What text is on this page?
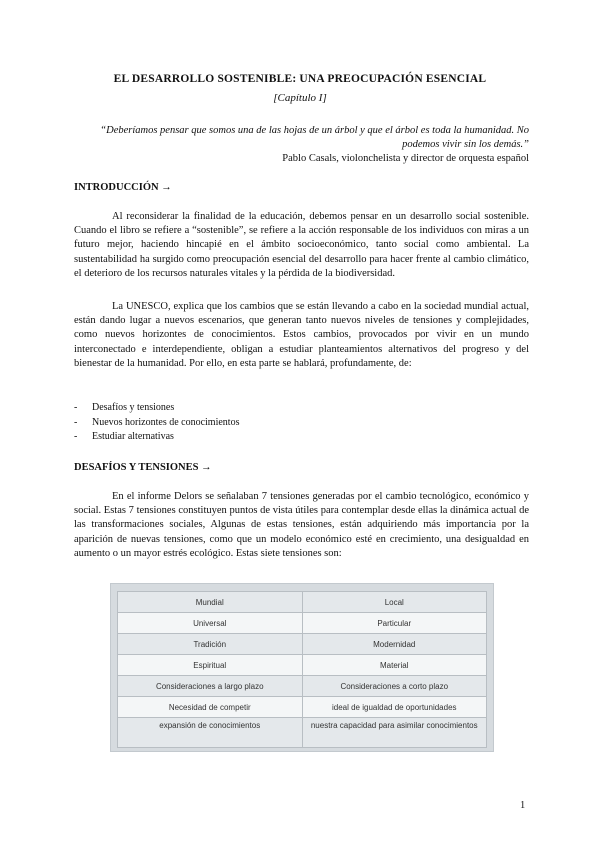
EL DESARROLLO SOSTENIBLE: UNA PREOCUPACIÓN ESENCIAL
[Capítulo I]
“Deberíamos pensar que somos una de las hojas de un árbol y que el árbol es toda la humanidad. No podemos vivir sin los demás.”
Pablo Casals, violonchelista y director de orquesta español
INTRODUCCIÓN →

Al reconsiderar la finalidad de la educación, debemos pensar en un desarrollo social sostenible. Cuando el libro se refiere a “sostenible”, se refiere a la acción responsable de los individuos con miras a un futuro mejor, haciendo hincapié en el ámbito socioeconómico, tanto social como ambiental. La sustentabilidad ha surgido como preocupación esencial del desarrollo para hacer frente al cambio climático, el deterioro de los recursos naturales vitales y la pérdida de la biodiversidad.

La UNESCO, explica que los cambios que se están llevando a cabo en la sociedad mundial actual, están dando lugar a nuevos escenarios, que generan tanto nuevos niveles de tensiones y complejidades, como nuevos horizontes de conocimientos. Estos cambios, provocados por vivir en un mundo interconectado e interdependiente, obligan a estudiar planteamientos alternativos del progreso y del bienestar de la humanidad. Por ello, en esta parte se hablará, profundamente, de:

- Desafíos y tensiones
- Nuevos horizontes de conocimientos
- Estudiar alternativas
DESAFÍOS Y TENSIONES →

En el informe Delors se señalaban 7 tensiones generadas por el cambio tecnológico, económico y social. Estas 7 tensiones constituyen puntos de vista útiles para contemplar desde ellas la dinámica actual de las transformaciones sociales, Algunas de estas tensiones, están adquiriendo más importancia por la aparición de nuevas tensiones, como que un modelo económico esté en crecimiento, una desigualdad en aumento o un mayor estrés ecológico. Estas siete tensiones son:

Mundial	Local
Universal	Particular
Tradición	Modernidad
Espiritual	Material
Consideraciones a largo plazo	Consideraciones a corto plazo
Necesidad de competir	ideal de igualdad de oportunidades
expansión de conocimientos	nuestra capacidad para asimilar conocimientos
1
